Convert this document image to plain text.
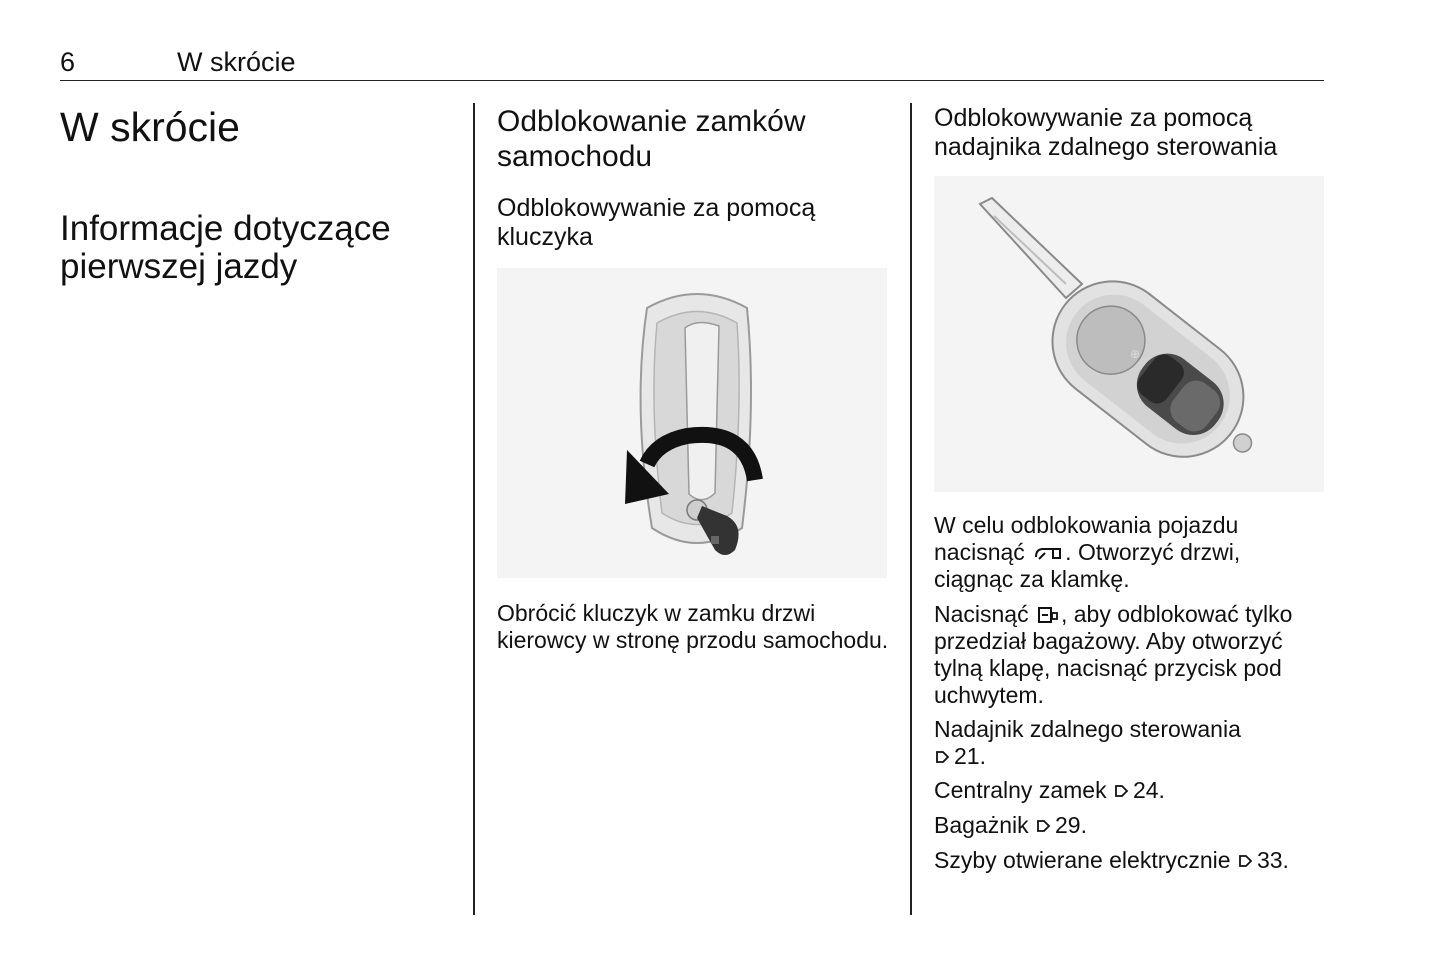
6	W skrócie
W skrócie
Informacje dotyczące pierwszej jazdy
Odblokowanie zamków samochodu
Odblokowywanie za pomocą kluczyka

Obrócić kluczyk w zamku drzwi kierowcy w stronę przodu samochodu.

Odblokowywanie za pomocą nadajnika zdalnego sterowania
⊕

W celu odblokowania pojazdu nacisnąć . Otworzyć drzwi, ciągnąc za klamkę.

Nacisnąć , aby odblokować tylko przedział bagażowy. Aby otworzyć tylną klapę, nacisnąć przycisk pod uchwytem.

Nadajnik zdalnego sterowania
21.

Centralny zamek 24.

Bagażnik 29.

Szyby otwierane elektrycznie 33.
